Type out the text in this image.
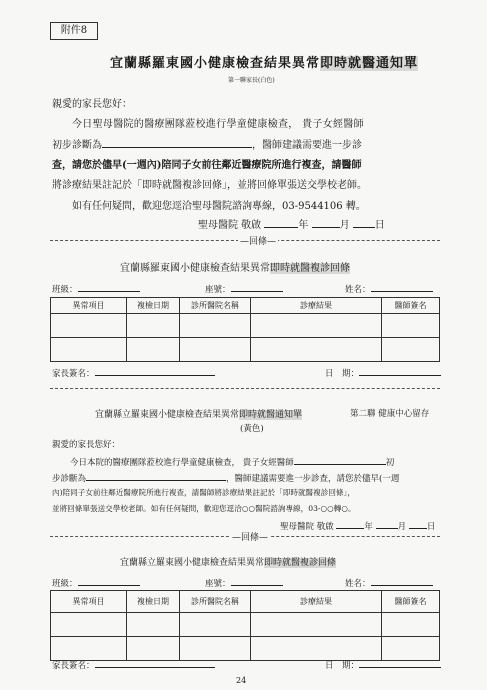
附件8
宜蘭縣羅東國小健康檢查結果異常即時就醫通知單
第一聯家長(白色)
親愛的家長您好：
今日聖母醫院的醫療團隊蒞校進行學童健康檢查， 貴子女經醫師
初步診斷為	，醫師建議需要進一步診
查，請您於儘早(一週內)陪同子女前往鄰近醫療院所進行複查，請醫師
將診療結果註記於「即時就醫複診回條」，並將回條單張送交學校老師。
如有任何疑問，歡迎您逕洽聖母醫院諮詢專線，03-9544106 轉。
聖母醫院 敬啟	年	月	日
—回條—
宜蘭縣羅東國小健康檢查結果異常即時就醫複診回條
班級：	座號：	姓名：
異常項目	複檢日期	診所醫院名稱	診療結果	醫師簽名

家長簽名：	日　期：
宜蘭縣立羅東國小健康檢查結果異常即時就醫通知單	第二聯 健康中心留存
(黃色)
親愛的家長您好：
今日本院的醫療團隊蒞校進行學童健康檢查， 貴子女經醫師	初
步診斷為	，醫師建議需要進一步診查，請您於儘早(一週
內)陪同子女前往鄰近醫療院所進行複查，請醫師將診療結果註記於「即時就醫複診回條」，
並將回條單張送交學校老師。如有任何疑問，歡迎您逕洽○○醫院諮詢專線，03-○○轉○。
聖母醫院 敬啟	年	月 日
—回條—
宜蘭縣立羅東國小健康檢查結果異常即時就醫複診回條
班級：	座號：	姓名：
異常項目	複檢日期	診所醫院名稱	診療結果	醫師簽名

家長簽名：	日　期：
24
